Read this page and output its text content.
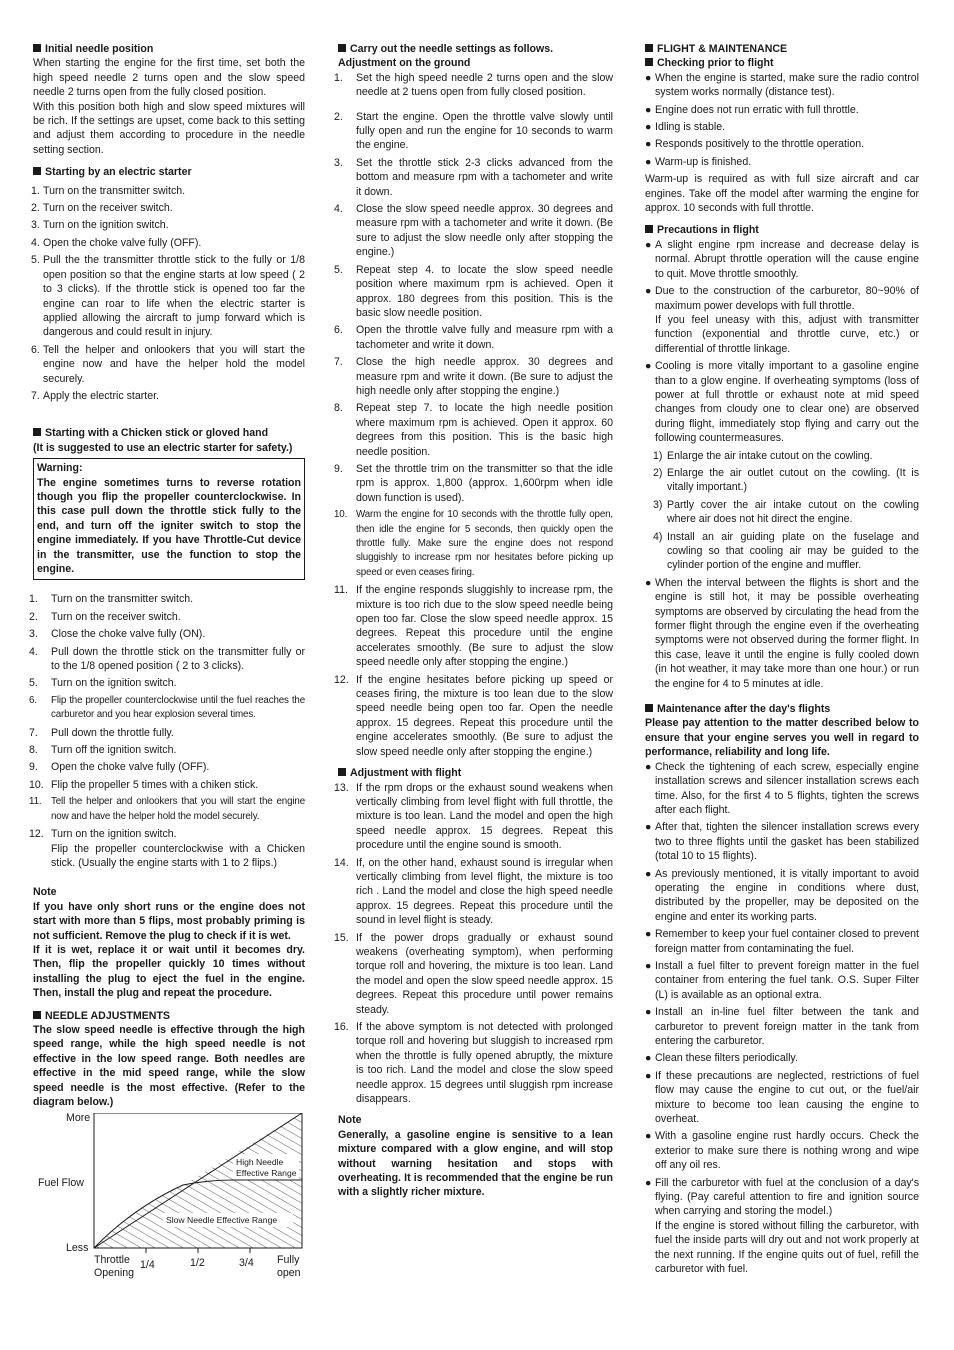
Initial needle position

When starting the engine for the first time, set both the high speed needle 2 turns open and the slow speed needle 2 turns open from the fully closed position.

With this position both high and slow speed mixtures will be rich. If the settings are upset, come back to this setting and adjust them according to procedure in the needle setting section.

Starting by an electric starter
1. Turn on the transmitter switch.
2. Turn on the receiver switch.
3. Turn on the ignition switch.
4. Open the choke valve fully (OFF).
5. Pull the the transmitter throttle stick to the fully or 1/8 open position so that the engine starts at low speed ( 2 to 3 clicks). If the throttle stick is opened too far the engine can roar to life when the electric starter is applied allowing the aircraft to jump forward which is dangerous and could result in injury.
6. Tell the helper and onlookers that you will start the engine now and have the helper hold the model securely.
7. Apply the electric starter.
Starting with a Chicken stick or gloved hand

(It is suggested to use an electric starter for safety.)

Warning:

The engine sometimes turns to reverse rotation though you flip the propeller counterclockwise. In this case pull down the throttle stick fully to the end, and turn off the igniter switch to stop the engine immediately. If you have Throttle-Cut device in the transmitter, use the function to stop the engine.

1. Turn on the transmitter switch.
2. Turn on the receiver switch.
3. Close the choke valve fully (ON).
4. Pull down the throttle stick on the transmitter fully or to the 1/8 opened position ( 2 to 3 clicks).
5. Turn on the ignition switch.
6. Flip the propeller counterclockwise until the fuel reaches the carburetor and you hear explosion several times.
7. Pull down the throttle fully.
8. Turn off the ignition switch.
9. Open the choke valve fully (OFF).
10. Flip the propeller 5 times with a chiken stick.
11. Tell the helper and onlookers that you will start the engine now and have the helper hold the model securely.
12. Turn on the ignition switch.
Flip the propeller counterclockwise with a Chicken stick. (Usually the engine starts with 1 to 2 flips.)

Note

If you have only short runs or the engine does not start with more than 5 flips, most probably priming is not sufficient. Remove the plug to check if it is wet.

If it is wet, replace it or wait until it becomes dry. Then, flip the propeller quickly 10 times without installing the plug to eject the fuel in the engine. Then, install the plug and repeat the procedure.

NEEDLE ADJUSTMENTS

The slow speed needle is effective through the high speed range, while the high speed needle is not effective in the low speed range. Both needles are effective in the mid speed range, while the slow speed needle is the most effective. (Refer to the diagram below.)

More
Fuel Flow
Less
Throttle
Opening
1/4	1/2	3/4 Fully
open
High Needle
Effective Range
Slow Needle Effective Range
Carry out the needle settings as follows.

Adjustment on the ground

1. Set the high speed needle 2 turns open and the slow needle at 2 tuens open from fully closed position.
2. Start the engine. Open the throttle valve slowly until fully open and run the engine for 10 seconds to warm the engine.
3. Set the throttle stick 2-3 clicks advanced from the bottom and measure rpm with a tachometer and write it down.
4. Close the slow speed needle approx. 30 degrees and measure rpm with a tachometer and write it down. (Be sure to adjust the slow needle only after stopping the engine.)
5. Repeat step 4. to locate the slow speed needle position where maximum rpm is achieved. Open it approx. 180 degrees from this position. This is the basic slow needle position.
6. Open the throttle valve fully and measure rpm with a tachometer and write it down.
7. Close the high needle approx. 30 degrees and measure rpm and write it down. (Be sure to adjust the high needle only after stopping the engine.)
8. Repeat step 7. to locate the high needle position where maximum rpm is achieved. Open it approx. 60 degrees from this position. This is the basic high needle position.
9. Set the throttle trim on the transmitter so that the idle rpm is approx. 1,800 (approx. 1,600rpm when idle down function is used).
10. Warm the engine for 10 seconds with the throttle fully open, then idle the engine for 5 seconds, then quickly open the throttle fully. Make sure the engine does not respond sluggishly to increase rpm nor hesitates before picking up speed or even ceases firing.
11. If the engine responds sluggishly to increase rpm, the mixture is too rich due to the slow speed needle being open too far. Close the slow speed needle approx. 15 degrees. Repeat this procedure until the engine accelerates smoothly. (Be sure to adjust the slow speed needle only after stopping the engine.)
12. If the engine hesitates before picking up speed or ceases firing, the mixture is too lean due to the slow speed needle being open too far. Open the needle approx. 15 degrees. Repeat this procedure until the engine accelerates smoothly. (Be sure to adjust the slow speed needle only after stopping the engine.)
Adjustment with flight
13. If the rpm drops or the exhaust sound weakens when vertically climbing from level flight with full throttle, the mixture is too lean. Land the model and open the high speed needle approx. 15 degrees. Repeat this procedure until the engine sound is smooth.
14. If, on the other hand, exhaust sound is irregular when vertically climbing from level flight, the mixture is too rich . Land the model and close the high speed needle approx. 15 degrees. Repeat this procedure until the sound in level flight is steady.
15. If the power drops gradually or exhaust sound weakens (overheating symptom), when performing torque roll and hovering, the mixture is too lean. Land the model and open the slow speed needle approx. 15 degrees. Repeat this procedure until power remains steady.
16. If the above symptom is not detected with prolonged torque roll and hovering but sluggish to increased rpm when the throttle is fully opened abruptly, the mixture is too rich. Land the model and close the slow speed needle approx. 15 degrees until sluggish rpm increase disappears.

Note

Generally, a gasoline engine is sensitive to a lean mixture compared with a glow engine, and will stop without warning hesitation and stops with overheating. It is recommended that the engine be run with a slightly richer mixture.

FLIGHT & MAINTENANCE
Checking prior to flight
● When the engine is started, make sure the radio control system works normally (distance test).
● Engine does not run erratic with full throttle.
● Idling is stable.
● Responds positively to the throttle operation.
● Warm-up is finished.

Warm-up is required as with full size aircraft and car engines. Take off the model after warming the engine for approx. 10 seconds with full throttle.

Precautions in flight
● A slight engine rpm increase and decrease delay is normal. Abrupt throttle operation will the cause engine to quit. Move throttle smoothly.
● Due to the construction of the carburetor, 80~90% of maximum power develops with full throttle.
If you feel uneasy with this, adjust with transmitter function (exponential and throttle curve, etc.) or differential of throttle linkage.
● Cooling is more vitally important to a gasoline engine than to a glow engine. If overheating symptoms (loss of power at full throttle or exhaust note at mid speed changes from cloudy one to clear one) are observed during flight, immediately stop flying and carry out the following countermeasures.
1) Enlarge the air intake cutout on the cowling.
2) Enlarge the air outlet cutout on the cowling. (It is vitally important.)
3) Partly cover the air intake cutout on the cowling where air does not hit direct the engine.
4) Install an air guiding plate on the fuselage and cowling so that cooling air may be guided to the cylinder portion of the engine and muffler.
● When the interval between the flights is short and the engine is still hot, it may be possible overheating symptoms are observed by circulating the head from the former flight through the engine even if the overheating symptoms were not observed during the former flight. In this case, leave it until the engine is fully cooled down (in hot weather, it may take more than one hour.) or run the engine for 4 to 5 minutes at idle.
Maintenance after the day's flights

Please pay attention to the matter described below to ensure that your engine serves you well in regard to performance, reliability and long life.

● Check the tightening of each screw, especially engine installation screws and silencer installation screws each time. Also, for the first 4 to 5 flights, tighten the screws after each flight.
● After that, tighten the silencer installation screws every two to three flights until the gasket has been stabilized (total 10 to 15 flights).
● As previously mentioned, it is vitally important to avoid operating the engine in conditions where dust, distributed by the propeller, may be deposited on the engine and enter its working parts.
● Remember to keep your fuel container closed to prevent foreign matter from contaminating the fuel.
● Install a fuel filter to prevent foreign matter in the fuel container from entering the fuel tank. O.S. Super Filter (L) is available as an optional extra.
● Install an in-line fuel filter between the tank and carburetor to prevent foreign matter in the tank from entering the carburetor.
● Clean these filters periodically.
● If these precautions are neglected, restrictions of fuel flow may cause the engine to cut out, or the fuel/air mixture to become too lean causing the engine to overheat.
● With a gasoline engine rust hardly occurs. Check the exterior to make sure there is nothing wrong and wipe off any oil res.
● Fill the carburetor with fuel at the conclusion of a day's flying. (Pay careful attention to fire and ignition source when carrying and storing the model.)
If the engine is stored without filling the carburetor, with fuel the inside parts will dry out and not work properly at the next running. If the engine quits out of fuel, refill the carburetor with fuel.
